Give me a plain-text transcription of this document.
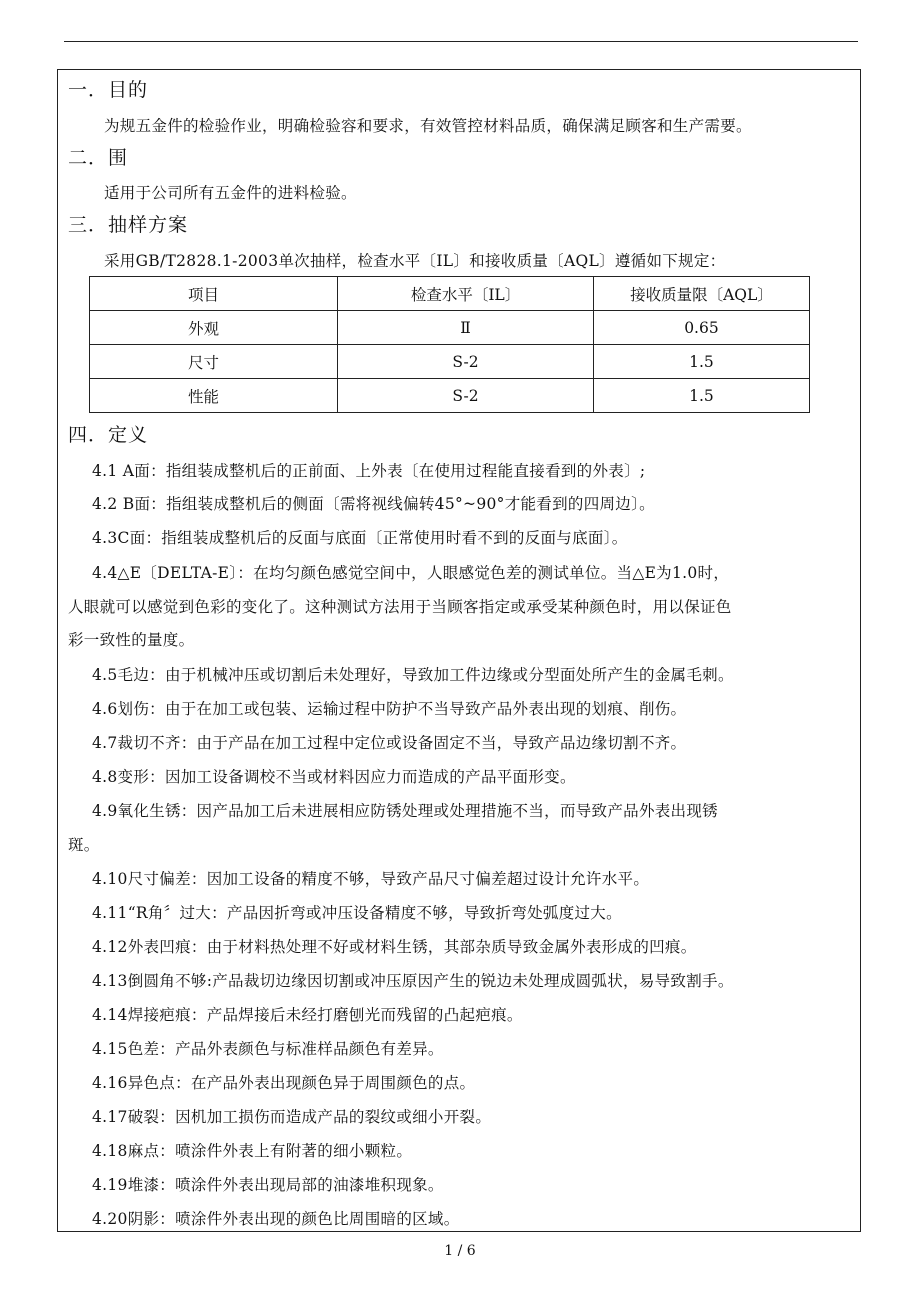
一．目的
为规五金件的检验作业，明确检验容和要求，有效管控材料品质，确保满足顾客和生产需要。
二．围
适用于公司所有五金件的进料检验。
三．抽样方案
采用GB/T2828.1-2003单次抽样，检查水平〔IL〕和接收质量〔AQL〕遵循如下规定：
项目	检查水平〔IL〕	接收质量限〔AQL〕
外观	Ⅱ	0.65
尺寸	S-2	1.5
性能	S-2	1.5
四．定义
4.1 A面：指组装成整机后的正前面、上外表〔在使用过程能直接看到的外表〕;
4.2 B面：指组装成整机后的侧面〔需将视线偏转45°~90°才能看到的四周边〕。
4.3C面：指组装成整机后的反面与底面〔正常使用时看不到的反面与底面〕。
4.4△E〔DELTA-E〕：在均匀颜色感觉空间中，人眼感觉色差的测试单位。当△E为1.0时，
人眼就可以感觉到色彩的变化了。这种测试方法用于当顾客指定或承受某种颜色时，用以保证色
彩一致性的量度。
4.5毛边：由于机械冲压或切割后未处理好，导致加工件边缘或分型面处所产生的金属毛刺。
4.6划伤：由于在加工或包装、运输过程中防护不当导致产品外表出现的划痕、削伤。
4.7裁切不齐：由于产品在加工过程中定位或设备固定不当，导致产品边缘切割不齐。
4.8变形：因加工设备调校不当或材料因应力而造成的产品平面形变。
4.9氧化生锈：因产品加工后未进展相应防锈处理或处理措施不当，而导致产品外表出现锈
斑。
4.10尺寸偏差：因加工设备的精度不够，导致产品尺寸偏差超过设计允许水平。
4.11“R角〞过大：产品因折弯或冲压设备精度不够，导致折弯处弧度过大。
4.12外表凹痕：由于材料热处理不好或材料生锈，其部杂质导致金属外表形成的凹痕。
4.13倒圆角不够:产品裁切边缘因切割或冲压原因产生的锐边未处理成圆弧状，易导致割手。
4.14焊接疤痕：产品焊接后未经打磨刨光而残留的凸起疤痕。
4.15色差：产品外表颜色与标准样品颜色有差异。
4.16异色点：在产品外表出现颜色异于周围颜色的点。
4.17破裂：因机加工损伤而造成产品的裂纹或细小开裂。
4.18麻点：喷涂件外表上有附著的细小颗粒。
4.19堆漆：喷涂件外表出现局部的油漆堆积现象。
4.20阴影：喷涂件外表出现的颜色比周围暗的区域。
1 / 6
